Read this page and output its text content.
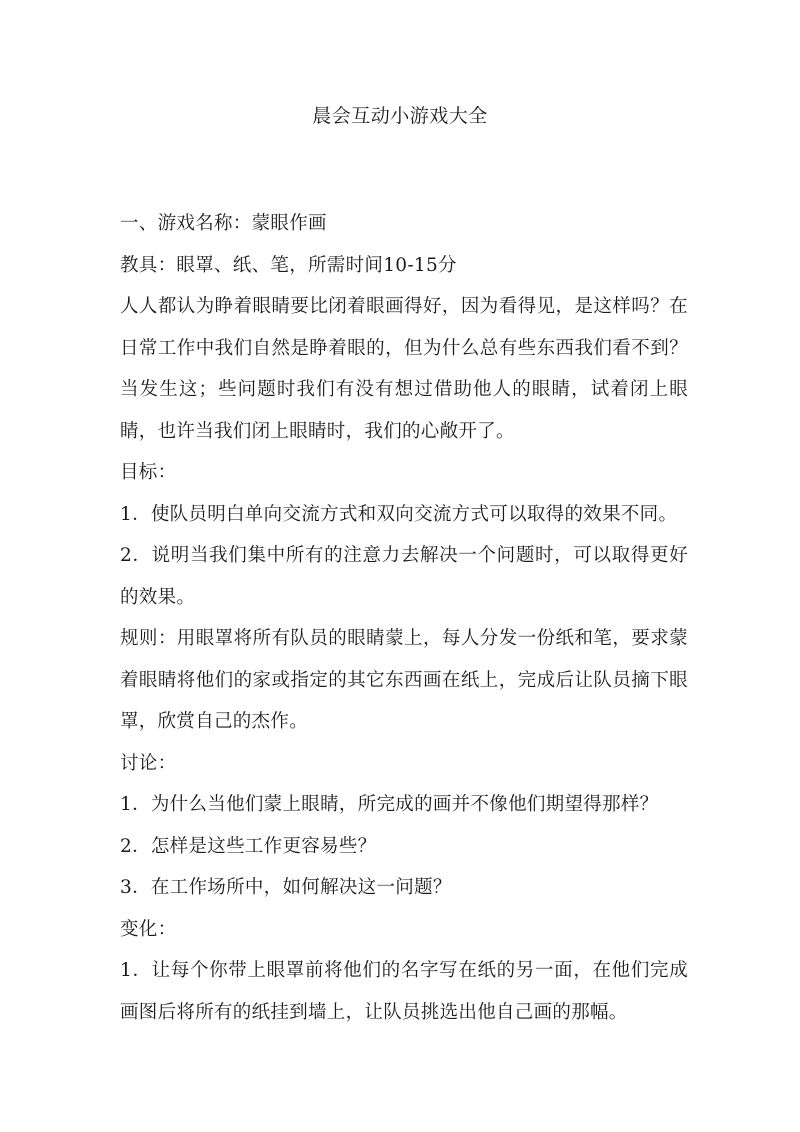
晨会互动小游戏大全

一、游戏名称：蒙眼作画

教具：眼罩、纸、笔，所需时间10-15分

人人都认为睁着眼睛要比闭着眼画得好，因为看得见，是这样吗？在日常工作中我们自然是睁着眼的，但为什么总有些东西我们看不到？当发生这；些问题时我们有没有想过借助他人的眼睛，试着闭上眼睛，也许当我们闭上眼睛时，我们的心敞开了。

目标：

1．使队员明白单向交流方式和双向交流方式可以取得的效果不同。

2．说明当我们集中所有的注意力去解决一个问题时，可以取得更好的效果。

规则：用眼罩将所有队员的眼睛蒙上，每人分发一份纸和笔，要求蒙着眼睛将他们的家或指定的其它东西画在纸上，完成后让队员摘下眼罩，欣赏自己的杰作。

讨论：

1．为什么当他们蒙上眼睛，所完成的画并不像他们期望得那样？

2．怎样是这些工作更容易些？

3．在工作场所中，如何解决这一问题？

变化：

1．让每个你带上眼罩前将他们的名字写在纸的另一面，在他们完成画图后将所有的纸挂到墙上，让队员挑选出他自己画的那幅。
